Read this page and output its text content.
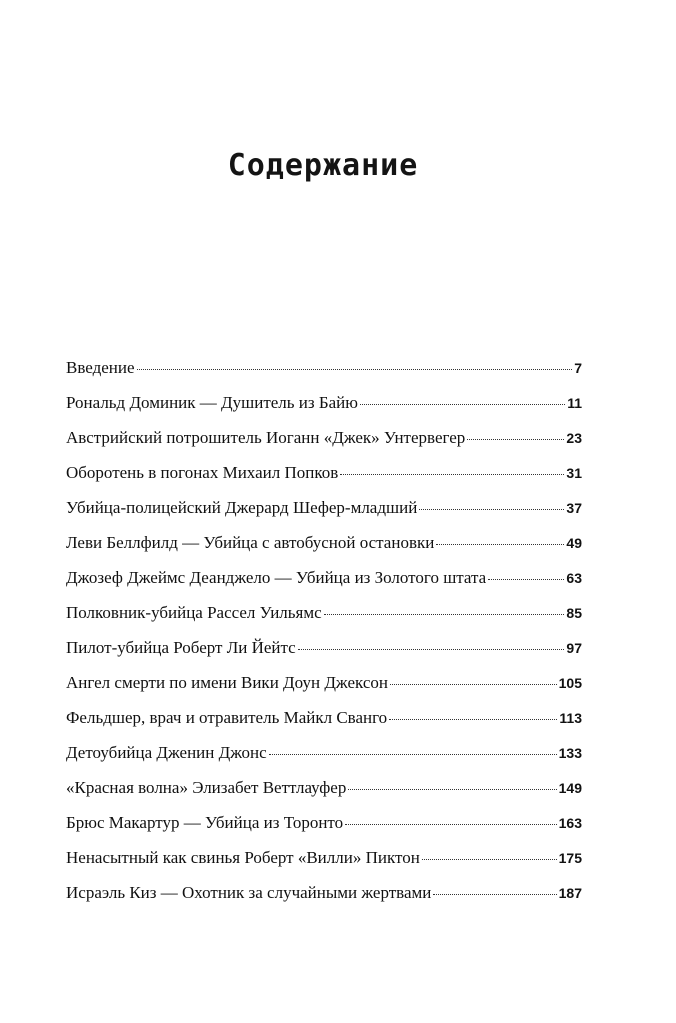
Содержание
Введение	7
Рональд Доминик — Душитель из Байю	11
Австрийский потрошитель Иоганн «Джек» Унтервегер	23
Оборотень в погонах Михаил Попков	31
Убийца-полицейский Джерард Шефер-младший	37
Леви Беллфилд — Убийца с автобусной остановки	49
Джозеф Джеймс Деанджело — Убийца из Золотого штата	63
Полковник-убийца Рассел Уильямс	85
Пилот-убийца Роберт Ли Йейтс	97
Ангел смерти по имени Вики Доун Джексон	105
Фельдшер, врач и отравитель Майкл Сванго	113
Детоубийца Дженин Джонс	133
«Красная волна» Элизабет Веттлауфер	149
Брюс Макартур — Убийца из Торонто	163
Ненасытный как свинья Роберт «Вилли» Пиктон	175
Исраэль Киз — Охотник за случайными жертвами	187
